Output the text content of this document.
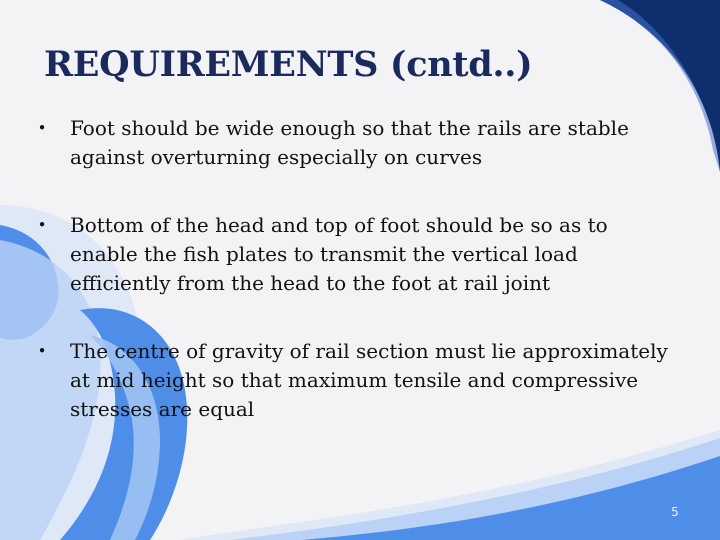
REQUIREMENTS (cntd..)
•	Foot should be wide enough so that the rails are stable against overturning especially on curves
•	Bottom of the head and top of foot should be so as to enable the fish plates to transmit the vertical load efficiently from the head to the foot at rail joint
•	The centre of gravity of rail section must lie approximately at mid height so that maximum tensile and compressive stresses are equal
5
